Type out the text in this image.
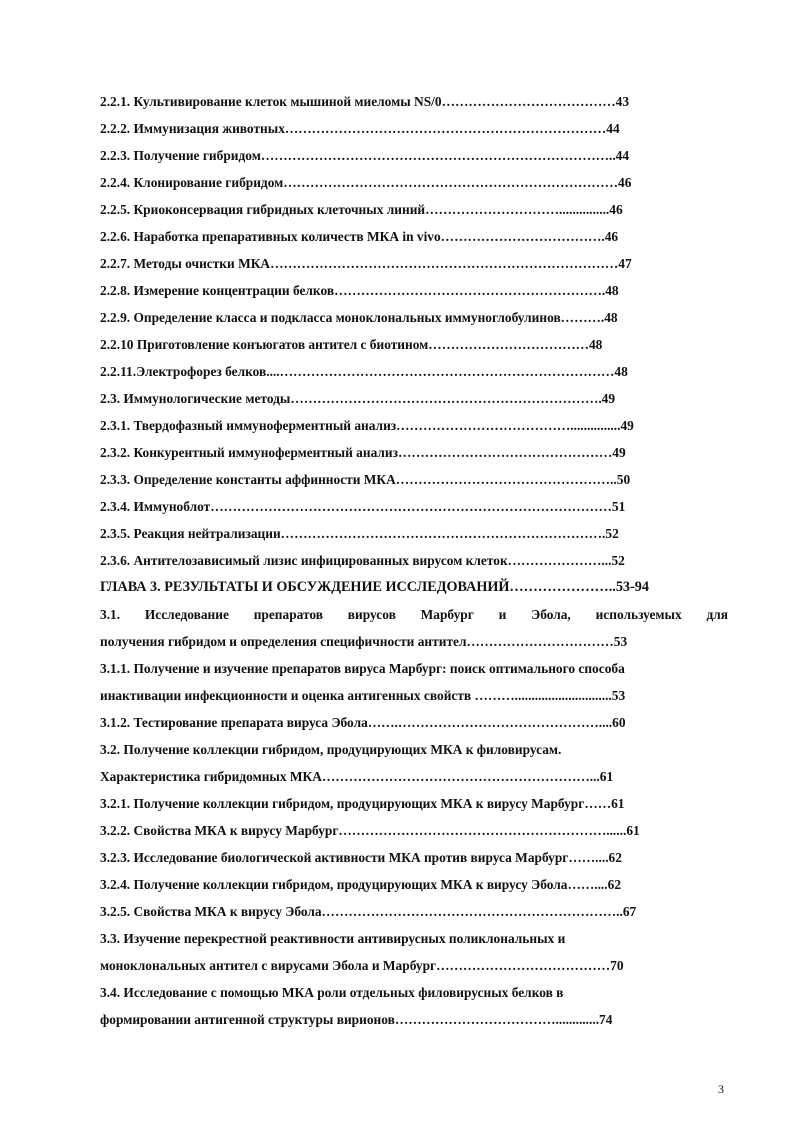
2.2.1. Культивирование клеток мышиной миеломы NS/0…………………………………43
2.2.2. Иммунизация животных………………………………………………………………44
2.2.3. Получение гибридом……………………………………………………………………..44
2.2.4. Клонирование гибридом…………………………………………………………………46
2.2.5. Криоконсервация гибридных клеточных линий…………………………...............46
2.2.6. Наработка препаративных количеств МКА in vivo……………………………….46
2.2.7. Методы очистки МКА……………………………………………………………………47
2.2.8. Измерение концентрации белков…………………………………………………….48
2.2.9. Определение класса и подкласса моноклональных иммуноглобулинов……….48
2.2.10 Приготовление конъюгатов антител с биотином………………………………48
2.2.11.Электрофорез белков....…………………………………………………………………48
2.3. Иммунологические методы…………………………………………………………….49
2.3.1. Твердофазный иммуноферментный анализ…………………………………...............49
2.3.2. Конкурентный иммуноферментный анализ…………………………………………49
2.3.3. Определение константы аффинности МКА…………………………………………..50
2.3.4. Иммуноблот………………………………………………………………………………51
2.3.5. Реакция нейтрализации……………………………………………………………….52
2.3.6. Антителозависимый лизис инфицированных вирусом клеток…………………...52
ГЛАВА 3. РЕЗУЛЬТАТЫ И ОБСУЖДЕНИЕ ИССЛЕДОВАНИЙ…………………..53-94
3.1. Исследование препаратов вирусов Марбург и Эбола, используемых для
получения гибридом и определения специфичности антител……………………………53
3.1.1. Получение и изучение препаратов вируса Марбург: поиск оптимального способа
инактивации инфекционности и оценка антигенных свойств ……….............................53
3.1.2. Тестирование препарата вируса Эбола…….………………………………………....60
3.2. Получение коллекции гибридом, продуцирующих МКА к филовирусам.
Характеристика гибридомных МКА……………………………………………………...61
3.2.1. Получение коллекции гибридом, продуцирующих МКА к вирусу Марбург……61
3.2.2. Свойства МКА к вирусу Марбург……………………………………………………......61
3.2.3. Исследование биологической активности МКА против вируса Марбург……....62
3.2.4. Получение коллекции гибридом, продуцирующих МКА к вирусу Эбола……....62
3.2.5. Свойства МКА к вирусу Эбола…………………………………………………………..67
3.3. Изучение перекрестной реактивности антивирусных поликлональных и
моноклональных антител с вирусами Эбола и Марбург…………………………………70
3.4. Исследование с помощью МКА роли отдельных филовирусных белков в
формировании антигенной структуры вирионов……………………………….............74
3
